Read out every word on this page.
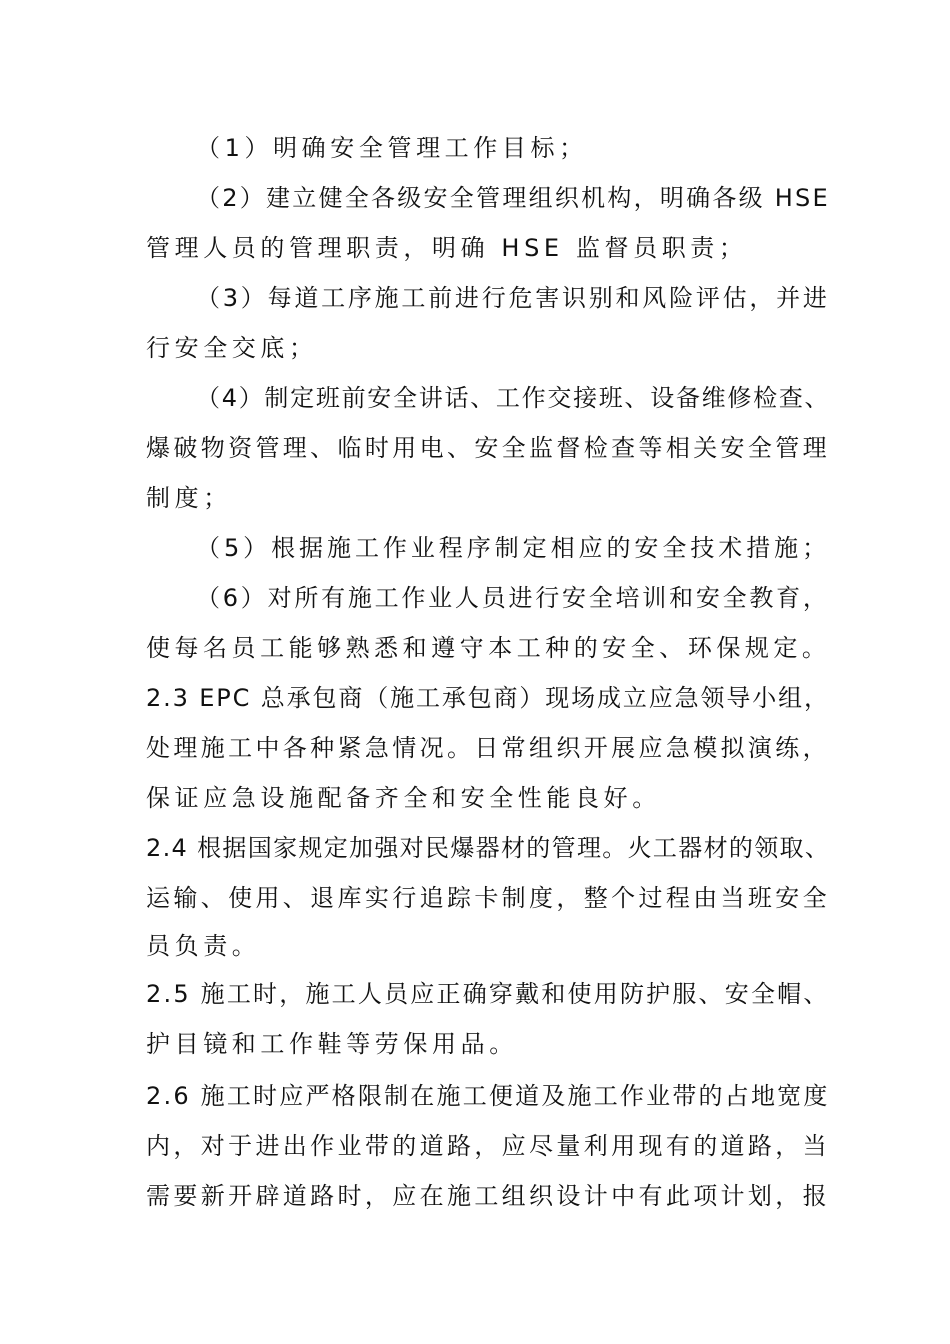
（1）明确安全管理工作目标；
（2）建立健全各级安全管理组织机构，明确各级 HSE
管理人员的管理职责，明确 HSE 监督员职责；
（3）每道工序施工前进行危害识别和风险评估，并进
行安全交底；
（4）制定班前安全讲话、工作交接班、设备维修检查、
爆破物资管理、临时用电、安全监督检查等相关安全管理
制度；
（5）根据施工作业程序制定相应的安全技术措施；
（6）对所有施工作业人员进行安全培训和安全教育，
使每名员工能够熟悉和遵守本工种的安全、环保规定。
2.3 EPC 总承包商（施工承包商）现场成立应急领导小组，
处理施工中各种紧急情况。日常组织开展应急模拟演练，
保证应急设施配备齐全和安全性能良好。
2.4 根据国家规定加强对民爆器材的管理。火工器材的领取、
运输、使用、退库实行追踪卡制度，整个过程由当班安全
员负责。
2.5 施工时，施工人员应正确穿戴和使用防护服、安全帽、
护目镜和工作鞋等劳保用品。
2.6 施工时应严格限制在施工便道及施工作业带的占地宽度
内，对于进出作业带的道路，应尽量利用现有的道路，当
需要新开辟道路时，应在施工组织设计中有此项计划，报
